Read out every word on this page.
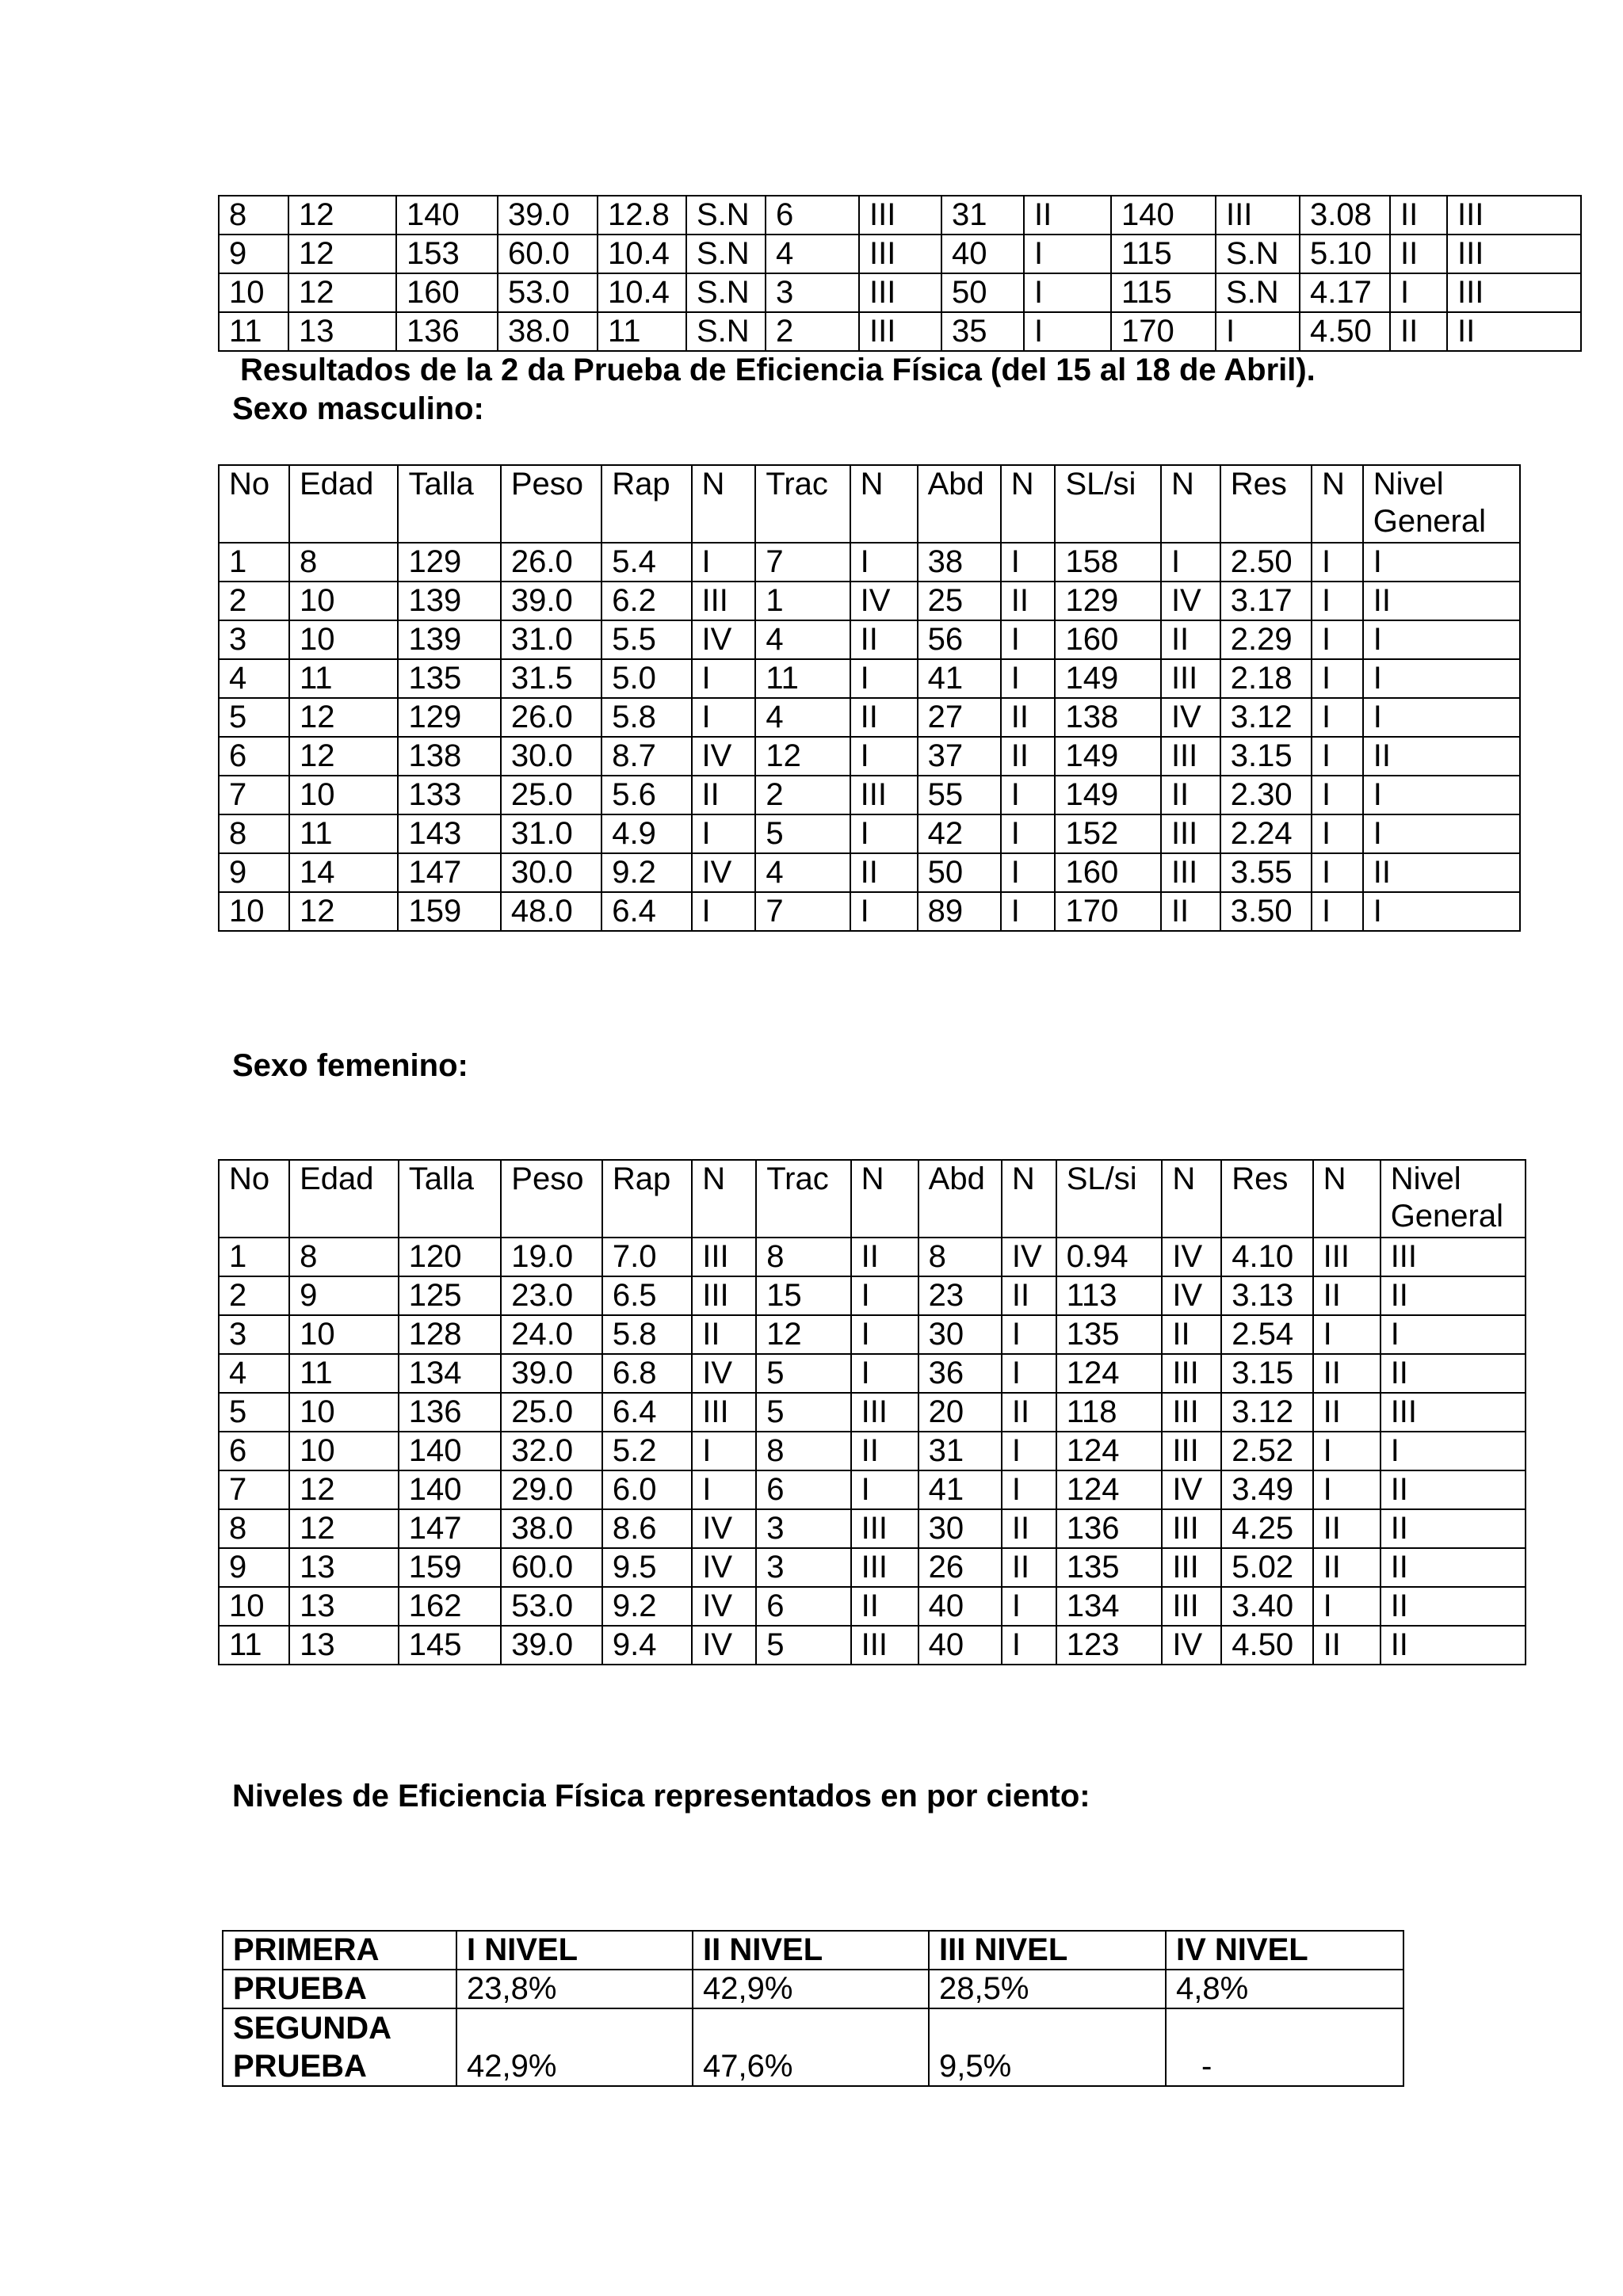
8	12	140	39.0	12.8	S.N	6	III	31	II	140	III	3.08	II	III
9	12	153	60.0	10.4	S.N	4	III	40	I	115	S.N	5.10	II	III
10	12	160	53.0	10.4	S.N	3	III	50	I	115	S.N	4.17	I	III
11	13	136	38.0	11	S.N	2	III	35	I	170	I	4.50	II	II
Resultados de la 2 da Prueba de Eficiencia Física (del 15 al 18 de Abril).
Sexo masculino:
No	Edad	Talla	Peso	Rap	N	Trac	N	Abd	N	SL/si	N	Res	N	Nivel General
1	8	129	26.0	5.4	I	7	I	38	I	158	I	2.50	I	I
2	10	139	39.0	6.2	III	1	IV	25	II	129	IV	3.17	I	II
3	10	139	31.0	5.5	IV	4	II	56	I	160	II	2.29	I	I
4	11	135	31.5	5.0	I	11	I	41	I	149	III	2.18	I	I
5	12	129	26.0	5.8	I	4	II	27	II	138	IV	3.12	I	I
6	12	138	30.0	8.7	IV	12	I	37	II	149	III	3.15	I	II
7	10	133	25.0	5.6	II	2	III	55	I	149	II	2.30	I	I
8	11	143	31.0	4.9	I	5	I	42	I	152	III	2.24	I	I
9	14	147	30.0	9.2	IV	4	II	50	I	160	III	3.55	I	II
10	12	159	48.0	6.4	I	7	I	89	I	170	II	3.50	I	I
Sexo femenino:
No	Edad	Talla	Peso	Rap	N	Trac	N	Abd	N	SL/si	N	Res	N	Nivel General
1	8	120	19.0	7.0	III	8	II	8	IV	0.94	IV	4.10	III	III
2	9	125	23.0	6.5	III	15	I	23	II	113	IV	3.13	II	II
3	10	128	24.0	5.8	II	12	I	30	I	135	II	2.54	I	I
4	11	134	39.0	6.8	IV	5	I	36	I	124	III	3.15	II	II
5	10	136	25.0	6.4	III	5	III	20	II	118	III	3.12	II	III
6	10	140	32.0	5.2	I	8	II	31	I	124	III	2.52	I	I
7	12	140	29.0	6.0	I	6	I	41	I	124	IV	3.49	I	II
8	12	147	38.0	8.6	IV	3	III	30	II	136	III	4.25	II	II
9	13	159	60.0	9.5	IV	3	III	26	II	135	III	5.02	II	II
10	13	162	53.0	9.2	IV	6	II	40	I	134	III	3.40	I	II
11	13	145	39.0	9.4	IV	5	III	40	I	123	IV	4.50	II	II
Niveles de Eficiencia Física representados en por ciento:
PRIMERA	I NIVEL	II NIVEL	III NIVEL	IV NIVEL
PRUEBA	23,8%	42,9%	28,5%	4,8%

SEGUNDA
PRUEBA	42,9%	47,6%	9,5%	-
